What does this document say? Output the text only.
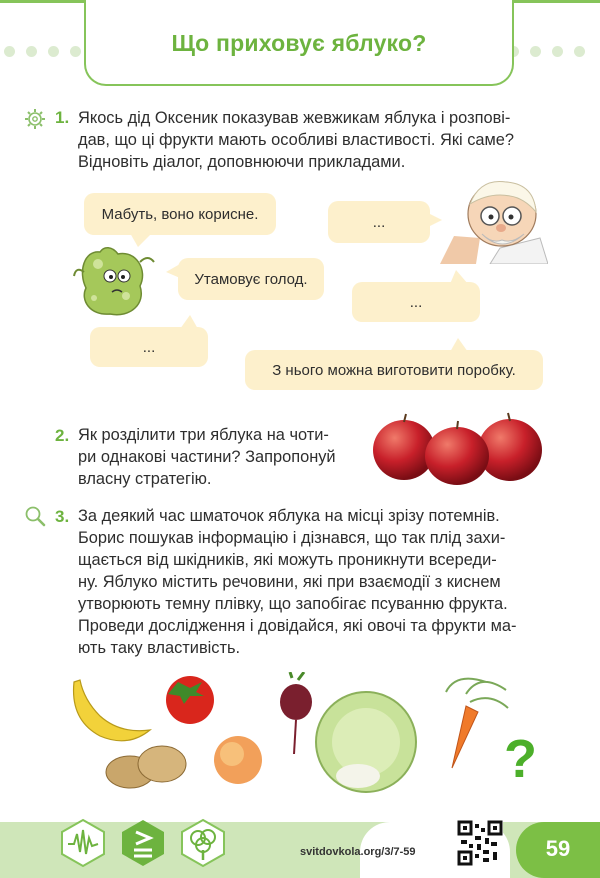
Що приховує яблуко?
1. Якось дід Оксеник показував жевжикам яблука і розпові-
дав, що ці фрукти мають особливі властивості. Які саме?
Відновіть діалог, доповнюючи прикладами.
Мабуть, воно корисне.	...
Утамовує голод.
...
...
З нього можна виготовити поробку.
2. Як розділити три яблука на чоти-
ри однакові частини? Запропонуй
власну стратегію.
3. За деякий час шматочок яблука на місці зрізу потемнів.
Борис пошукав інформацію і дізнався, що так плід захи-
щається від шкідників, які можуть проникнути всереди-
ну. Яблуко містить речовини, які при взаємодії з киснем
утворюють темну плівку, що запобігає псуванню фрукта.
Проведи дослідження і довідайся, які овочі та фрукти ма-
ють таку властивість.
?
svitdovkola.org/3/7-59	59
